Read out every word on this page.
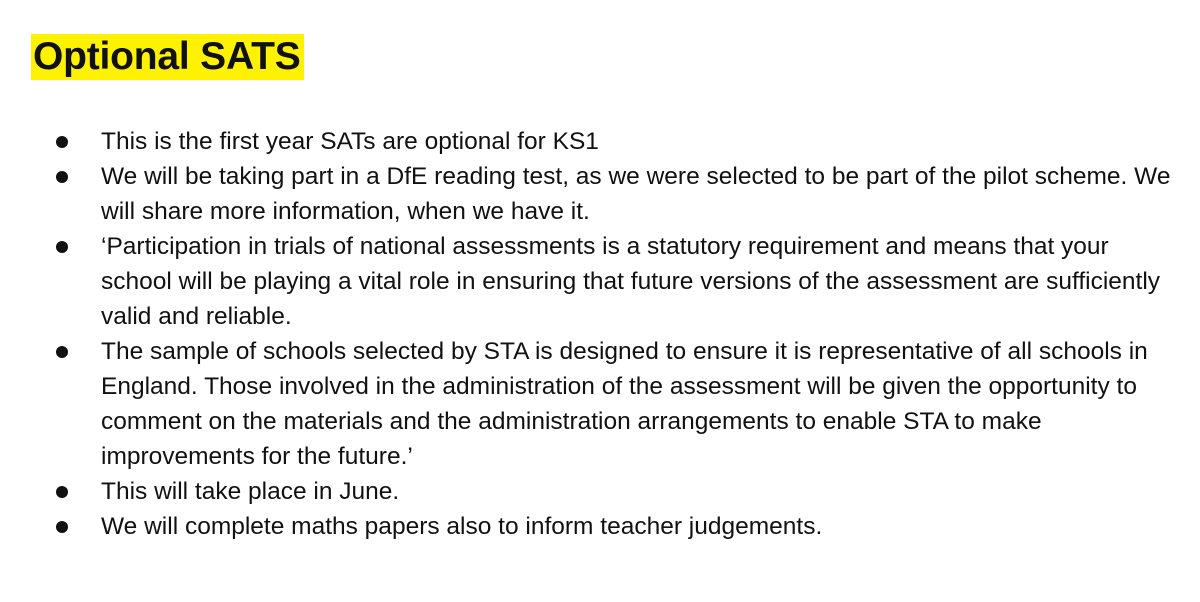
Optional SATS
This is the first year SATs are optional for KS1
We will be taking part in a DfE reading test, as we were selected to be part of the pilot scheme. We will share more information, when we have it.
‘Participation in trials of national assessments is a statutory requirement and means that your school will be playing a vital role in ensuring that future versions of the assessment are sufficiently valid and reliable.
The sample of schools selected by STA is designed to ensure it is representative of all schools in England. Those involved in the administration of the assessment will be given the opportunity to comment on the materials and the administration arrangements to enable STA to make improvements for the future.’
This will take place in June.
We will complete maths papers also to inform teacher judgements.
